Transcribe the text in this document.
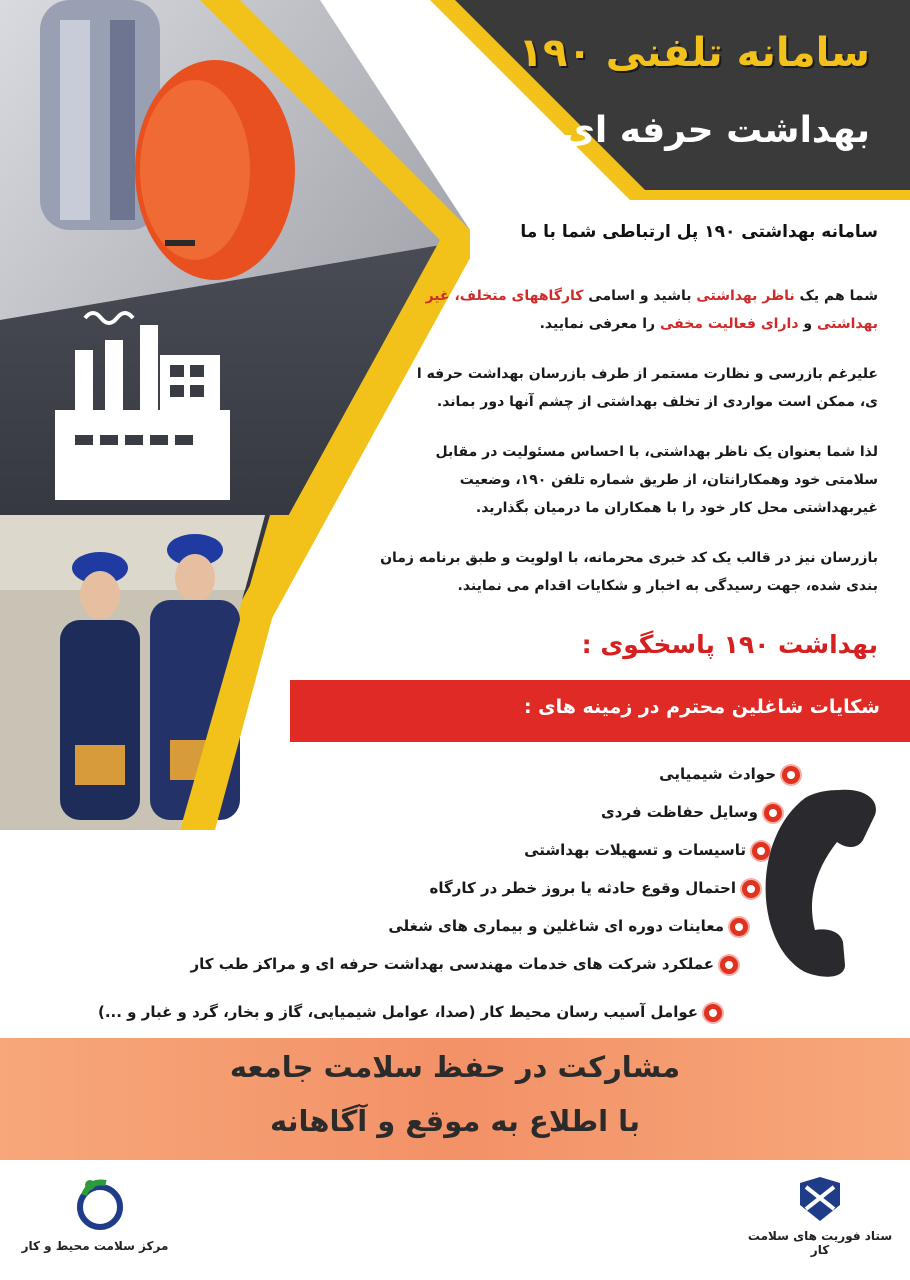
سامانه تلفنی ۱۹۰
بهداشت حرفه ای
سامانه بهداشتی ۱۹۰ پل ارتباطی شما با ما
شما هم یک ناظر بهداشتی باشید و اسامی کارگاههای متخلف، غیر بهداشتی و دارای فعالیت مخفی را معرفی نمایید.
علیرغم بازرسی و نظارت مستمر از طرف بازرسان بهداشت حرفه ا ی، ممکن است مواردی از تخلف بهداشتی از چشم آنها دور بماند.
لذا شما بعنوان یک ناظر بهداشتی، با احساس مسئولیت در مقابل سلامتی خود وهمکارانتان، از طریق شماره تلفن ۱۹۰، وضعیت غیربهداشتی محل کار خود را با همکاران ما درمیان بگذارید.
بازرسان نیز در قالب یک کد خبری محرمانه، با اولویت و طبق برنامه زمان بندی شده، جهت رسیدگی به اخبار و شکایات اقدام می نمایند.
بهداشت ۱۹۰ پاسخگوی :
شکایات شاغلین محترم در زمینه های :
حوادث شیمیایی
وسایل حفاظت فردی
تاسیسات و تسهیلات بهداشتی
احتمال وقوع حادثه یا بروز خطر در کارگاه
معاینات دوره ای شاغلین و بیماری های شغلی
عملکرد شرکت های خدمات مهندسی بهداشت حرفه ای و مراکز طب کار
عوامل آسیب رسان محیط کار (صدا، عوامل شیمیایی، گاز و بخار، گرد و غبار و ...)
مشارکت در حفظ سلامت جامعه
با اطلاع به موقع و آگاهانه
ستاد فوریت های سلامت کار
مرکز سلامت محیط و کار
